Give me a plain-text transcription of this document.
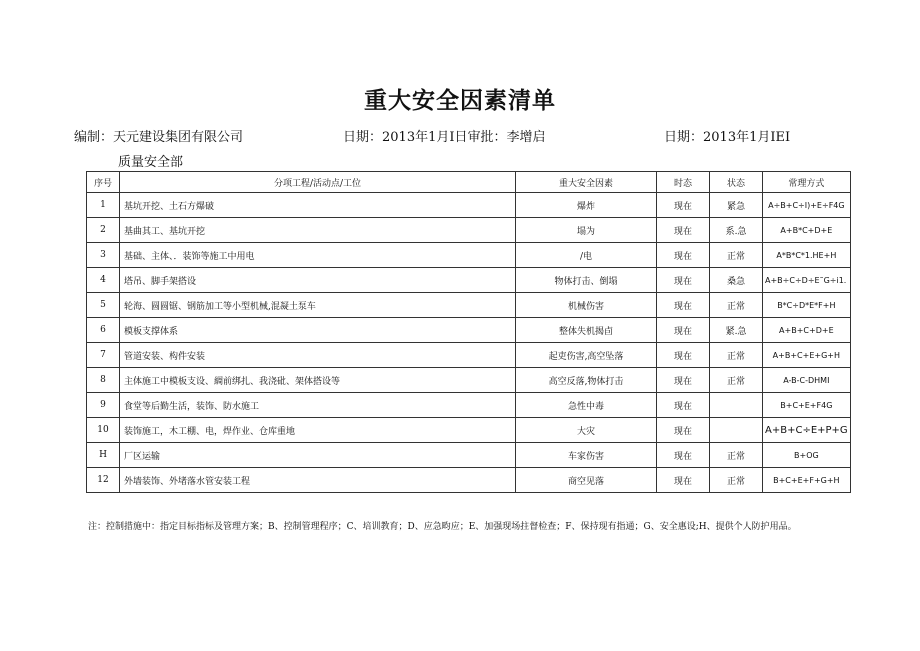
重大安全因素清单
编制：天元建设集团有限公司	日期：2013年1月I日审批：李增启	日期：2013年1月IEI
质量安全部
序号	分项工程/活动点/工位	重大安全因素	时态	状态	常理方式
1	基坑开挖、土石方爆破	爆炸	现在	紧急	A÷B+C÷I)+E÷F4G
2	基曲其工、基坑开挖	塌为	现在	系.急	A+B*C+D+E
3	基础、主体、．装饰等施工中用电	/电	现在	正常	A*B*C*1.HE+H
4	塔吊、脚手架搭设	物体打击、倒塌	现在	桑急	A+B÷C÷D÷E˜G÷i1.
5	轮海、圆圆锯、钢筋加工等小型机械,混凝土泵车	机械伤害	现在	正常	B*C÷D*E*F+H
6	模板支撑体系	整体失机揭卣	现在	紧.急	A+B+C+D+E
7	管道安装、构件安装	起吏伤害,高空坠落	现在	正常	A+B+C+E+G+H
8	主体施工中模板支设、綢前绑扎、我浇砒、架体搭设等	高空反落,物体打击	现在	正常	A-B-C-DHMI
9	食堂等后勤生活，装饰、防水施工	急性中毒	现在		B+C+E+F4G
10	装饰施工，木工棚、电，焊作业、仓库重地	大灾	现在		A+B+C÷E+P+G
H	厂区运输	车家伤害	现在	正常	B+OG
12	外墙装饰、外堵落水管安装工程	商空见落	现在	正常	B+C+E+F+G+H
注：控制措施中：指定目标指标及管理方案；B、控制管理程序；C、培训教育；D、应急畇应；E、加强现场拄督检查；F、保持现有指通；G、安全惠设;H、提供个人防护用品。
